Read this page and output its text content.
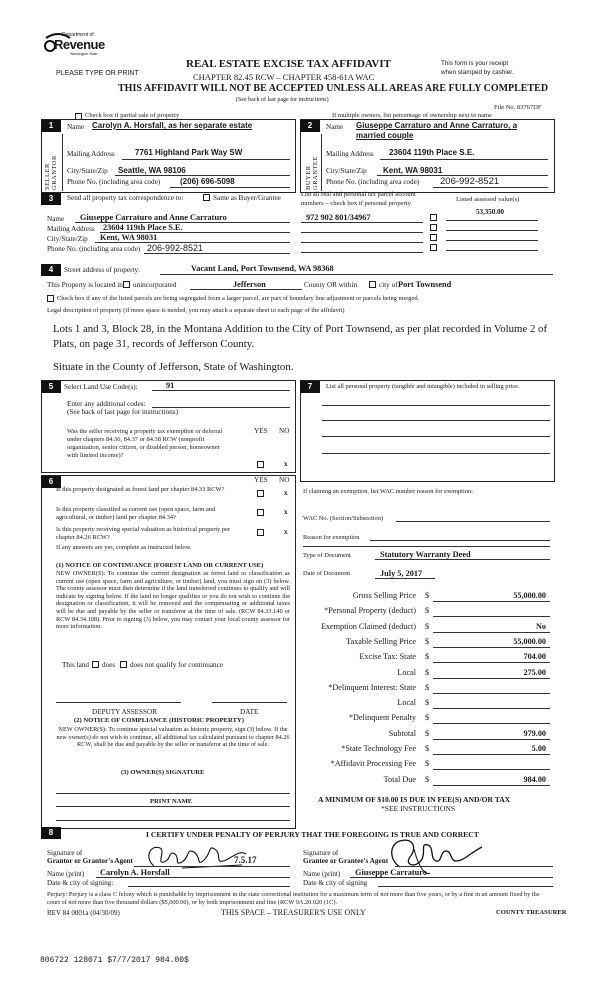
Department of
Revenue
Washington State
PLEASE TYPE OR PRINT
REAL ESTATE EXCISE TAX AFFIDAVIT
CHAPTER 82.45 RCW – CHAPTER 458-61A WAC
THIS AFFIDAVIT WILL NOT BE ACCEPTED UNLESS ALL AREAS ARE FULLY COMPLETED
(See back of last page for instructions)
This form is your receipt
when stamped by cashier.
File No. 83767DF
Check box if partial sale of property	If multiple owners, list percentage of ownership next to name
1
SELLER GRANTOR
Name Carolyn A. Horsfall, as her separate estate
Mailing Address	7761 Highland Park Way SW
City/State/Zip Seattle, WA 98106
Phone No. (including area code) (206) 696-5098
2
BUYER GRANTEE
Name Giuseppe Carraturo and Anne Carraturo, a
married couple
Mailing Address 23604 119th Place S.E.
City/State/Zip Kent, WA 98031
Phone No. (including area code) 206-992-8521
3	Send all property tax correspondence to:	Same as Buyer/Grantee	List all real and personal tax parcel account
numbers – check box if personal property
Listed assessed value(s)
Name Giuseppe Carraturo and Anne Carraturo
Mailing Address 23604 119th Place S.E.
City/State/Zip Kent, WA 98031
Phone No. (including area code) 206-992-8521
972 902 801/34967
53,350.00
4	Street address of property:	Vacant Land, Port Townsend, WA 98368
This Property is located in unincorporated	Jefferson	County OR within	city of Port Townsend
Check box if any of the listed parcels are being segregated from a larger parcel, are part of boundary line adjustment or parcels being merged.
Legal description of property (if more space is needed, you may attach a separate sheet to each page of the affidavit)
Lots 1 and 3, Block 28, in the Montana Addition to the City of Port Townsend, as per plat recorded in Volume 2 of
Plats, on page 31, records of Jefferson County.
Situate in the County of Jefferson, State of Washington.
5	Select Land Use Code(s):	91
Enter any additional codes:
(See back of last page for instructions)
YES NO
Was the seller receiving a property tax exemption or deferral under chapters 84.36, 84.37 or 84.38 RCW (nonprofit organization, senior citizen, or disabled person, homeowner with limited income)?
x
6	YES NO
Is this property designated as forest land per chapter 84.33 RCW?	x
Is this property classified as current use (open space, farm and agricultural, or timber) land per chapter 84.34?
x
Is this property receiving special valuation as historical property per chapter 84.26 RCW?
x
If any answers are yes, complete as instructed below.
(1) NOTICE OF CONTINUANCE (FOREST LAND OR CURRENT USE)
NEW OWNER(S): To continue the current designation as forest land or classification as current use (open space, farm and agriculture, or timber) land, you must sign on (3) below. The county assessor must then determine if the land transferred continues to qualify and will indicate by signing below. If the land no longer qualifies or you do not wish to continue the designation or classification, it will be removed and the compensating or additional taxes will be due and payable by the seller or transferor at the time of sale. (RCW 84.33.140 or RCW 84.34.108). Prior to signing (3) below, you may contact your local county assessor for more information.
This land does does not qualify for continuance
DEPUTY ASSESSOR	DATE
(2) NOTICE OF COMPLIANCE (HISTORIC PROPERTY)
NEW OWNER(S): To continue special valuation as historic property, sign (3) below. If the new owner(s) do not wish to continue, all additional tax calculated pursuant to chapter 84.26 RCW, shall be due and payable by the seller or transferor at the time of sale.
(3) OWNER(S) SIGNATURE
PRINT NAME
7	List all personal property (tangible and intangible) included in selling price.
If claiming an exemption, list WAC number reason for exemption:
WAC No. (Section/Subsection)
Reason for exemption
Type of Document	Statutory Warranty Deed
Date of Document	July 5, 2017
Gross Selling Price $	55,000.00
*Personal Property (deduct) $
Exemption Claimed (deduct) $	No
Taxable Selling Price $	55,000.00
Excise Tax: State $	704.00
Local $	275.00
*Delinquent Interest: State $
Local $
*Delinquent Penalty $
Subtotal $	979.00
*State Technology Fee $	5.00
*Affidavit Processing Fee $
Total Due $	984.00
A MINIMUM OF $10.00 IS DUE IN FEE(S) AND/OR TAX
*SEE INSTRUCTIONS
8	I CERTIFY UNDER PENALTY OF PERJURY THAT THE FOREGOING IS TRUE AND CORRECT
Signature of
Grantor or Grantor's Agent	7.5.17
Name (print) Carolyn A. Horsfall
Date & city of signing:
Signature of
Grantee or Grantee's Agent
Name (print) Giuseppe Carraturo
Date & city of signing
Perjury: Perjury is a class C felony which is punishable by imprisonment in the state correctional institution for a maximum term of not more than five years, or by a fine in an amount fixed by the court of not more than five thousand dollars ($5,000.00), or by both imprisonment and fine (RCW 9A.20.020 (1C).
REV 84 0001a (04/30/09)	THIS SPACE – TREASURER'S USE ONLY	COUNTY TREASURER
806722 128071 $7/7/2017 984.00$
